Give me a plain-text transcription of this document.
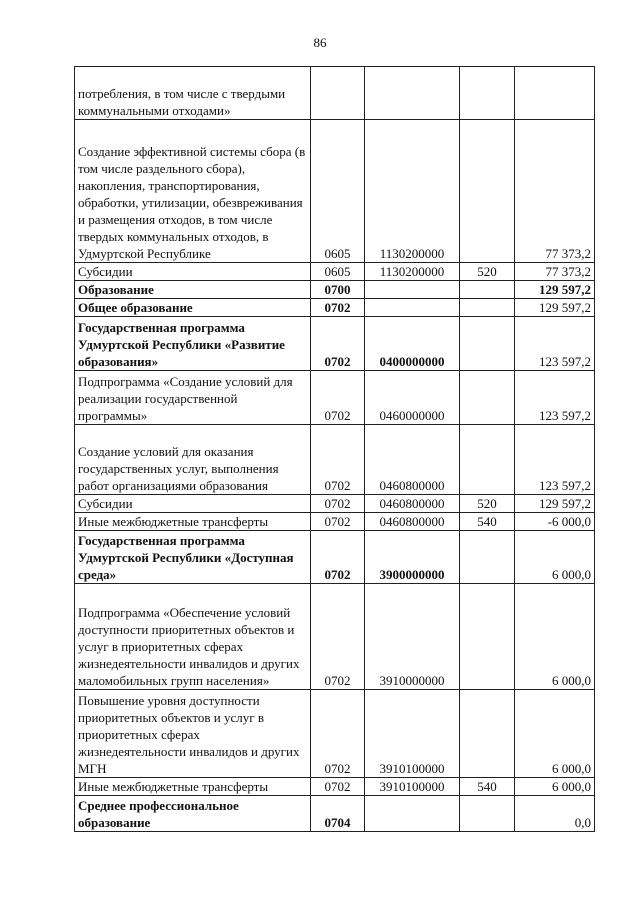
86
потребления, в том числе с твердыми коммунальными отходами»				
Создание эффективной системы сбора (в том числе раздельного сбора), накопления, транспортирования, обработки, утилизации, обезвреживания и размещения отходов, в том числе твердых коммунальных отходов, в Удмуртской Республике	0605	1130200000		77 373,2
Субсидии	0605	1130200000	520	77 373,2
Образование	0700			129 597,2
Общее образование	0702			129 597,2
Государственная программа Удмуртской Республики «Развитие образования»	0702	0400000000		123 597,2
Подпрограмма «Создание условий для реализации государственной программы»	0702	0460000000		123 597,2
Создание условий для оказания государственных услуг, выполнения работ организациями образования	0702	0460800000		123 597,2
Субсидии	0702	0460800000	520	129 597,2
Иные межбюджетные трансферты	0702	0460800000	540	-6 000,0
Государственная программа Удмуртской Республики «Доступная среда»	0702	3900000000		6 000,0
Подпрограмма «Обеспечение условий доступности приоритетных объектов и услуг в приоритетных сферах жизнедеятельности инвалидов и других маломобильных групп населения»	0702	3910000000		6 000,0
Повышение уровня доступности приоритетных объектов и услуг в приоритетных сферах жизнедеятельности инвалидов и других МГН	0702	3910100000		6 000,0
Иные межбюджетные трансферты	0702	3910100000	540	6 000,0
Среднее профессиональное образование	0704			0,0
